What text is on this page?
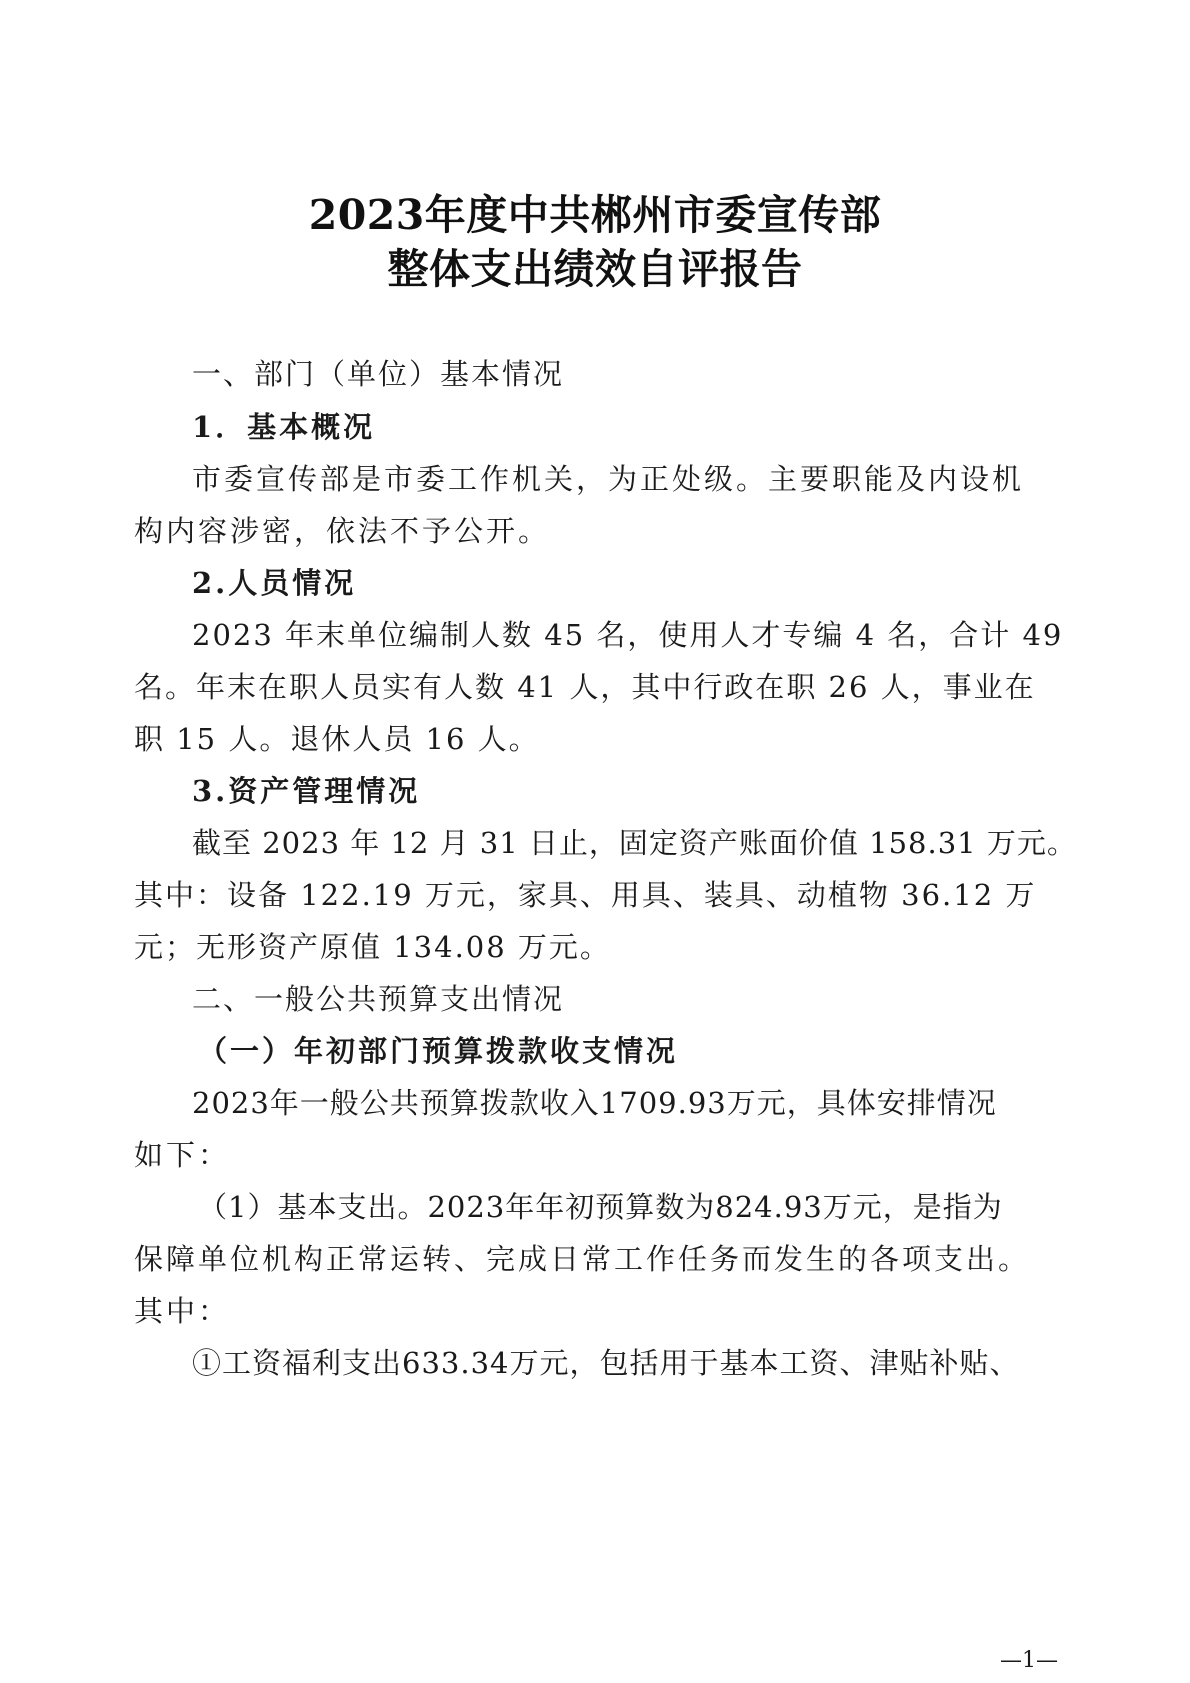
2023年度中共郴州市委宣传部
整体支出绩效自评报告
一、部门（单位）基本情况
1．基本概况
市委宣传部是市委工作机关，为正处级。主要职能及内设机
构内容涉密，依法不予公开。
2.人员情况
2023 年末单位编制人数 45 名，使用人才专编 4 名，合计 49
名。年末在职人员实有人数 41 人，其中行政在职 26 人，事业在
职 15 人。退休人员 16 人。
3.资产管理情况
截至 2023 年 12 月 31 日止，固定资产账面价值 158.31 万元。
其中：设备 122.19 万元，家具、用具、装具、动植物 36.12 万
元；无形资产原值 134.08 万元。
二、一般公共预算支出情况
（一）年初部门预算拨款收支情况
2023年一般公共预算拨款收入1709.93万元，具体安排情况
如下：
（1）基本支出。2023年年初预算数为824.93万元，是指为
保障单位机构正常运转、完成日常工作任务而发生的各项支出。
其中：
①工资福利支出633.34万元，包括用于基本工资、津贴补贴、
—1—
